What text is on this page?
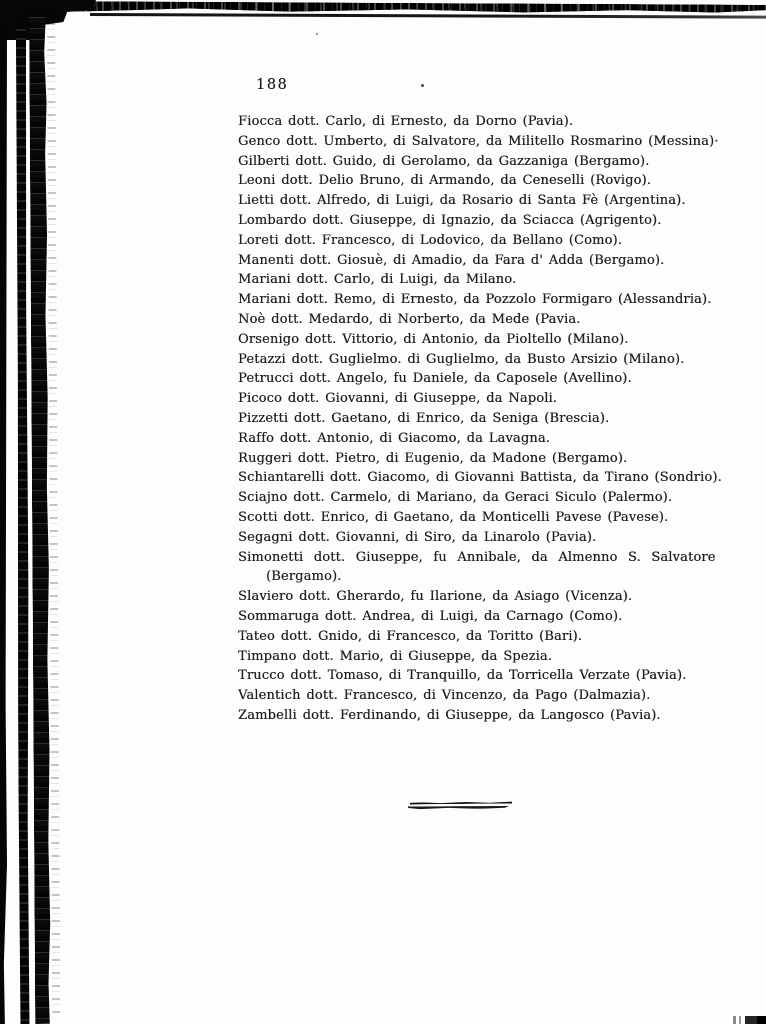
188

Fiocca dott. Carlo, di Ernesto, da Dorno (Pavia).

Genco dott. Umberto, di Salvatore, da Militello Rosmarino (Messina)·

Gilberti dott. Guido, di Gerolamo, da Gazzaniga (Bergamo).

Leoni dott. Delio Bruno, di Armando, da Ceneselli (Rovigo).

Lietti dott. Alfredo, di Luigi, da Rosario di Santa Fè (Argentina).

Lombardo dott. Giuseppe, di Ignazio, da Sciacca (Agrigento).

Loreti dott. Francesco, di Lodovico, da Bellano (Como).

Manenti dott. Giosuè, di Amadio, da Fara d' Adda (Bergamo).

Mariani dott. Carlo, di Luigi, da Milano.

Mariani dott. Remo, di Ernesto, da Pozzolo Formigaro (Alessandria).

Noè dott. Medardo, di Norberto, da Mede (Pavia.

Orsenigo dott. Vittorio, di Antonio, da Pioltello (Milano).

Petazzi dott. Guglielmo. di Guglielmo, da Busto Arsizio (Milano).

Petrucci dott. Angelo, fu Daniele, da Caposele (Avellino).

Picoco dott. Giovanni, di Giuseppe, da Napoli.

Pizzetti dott. Gaetano, di Enrico, da Seniga (Brescia).

Raffo dott. Antonio, di Giacomo, da Lavagna.

Ruggeri dott. Pietro, di Eugenio, da Madone (Bergamo).

Schiantarelli dott. Giacomo, di Giovanni Battista, da Tirano (Sondrio).

Sciajno dott. Carmelo, di Mariano, da Geraci Siculo (Palermo).

Scotti dott. Enrico, di Gaetano, da Monticelli Pavese (Pavese).

Segagni dott. Giovanni, di Siro, da Linarolo (Pavia).

Simonetti dott. Giuseppe, fu Annibale, da Almenno S. Salvatore

(Bergamo).

Slaviero dott. Gherardo, fu Ilarione, da Asiago (Vicenza).

Sommaruga dott. Andrea, di Luigi, da Carnago (Como).

Tateo dott. Gnido, di Francesco, da Toritto (Bari).

Timpano dott. Mario, di Giuseppe, da Spezia.

Trucco dott. Tomaso, di Tranquillo, da Torricella Verzate (Pavia).

Valentich dott. Francesco, di Vincenzo, da Pago (Dalmazia).

Zambelli dott. Ferdinando, di Giuseppe, da Langosco (Pavia).
